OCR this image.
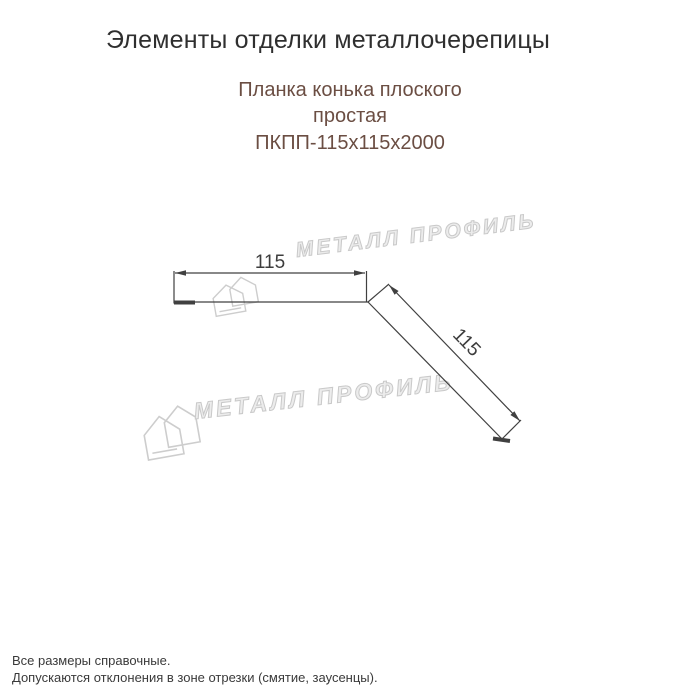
Элементы отделки металлочерепицы
Планка конька плоского
простая
ПКПП-115х115х2000
МЕТАЛЛ ПРОФИЛЬ
МЕТАЛЛ ПРОФИЛЬ
115
115
Все размеры справочные.
Допускаются отклонения в зоне отрезки (смятие, заусенцы).
